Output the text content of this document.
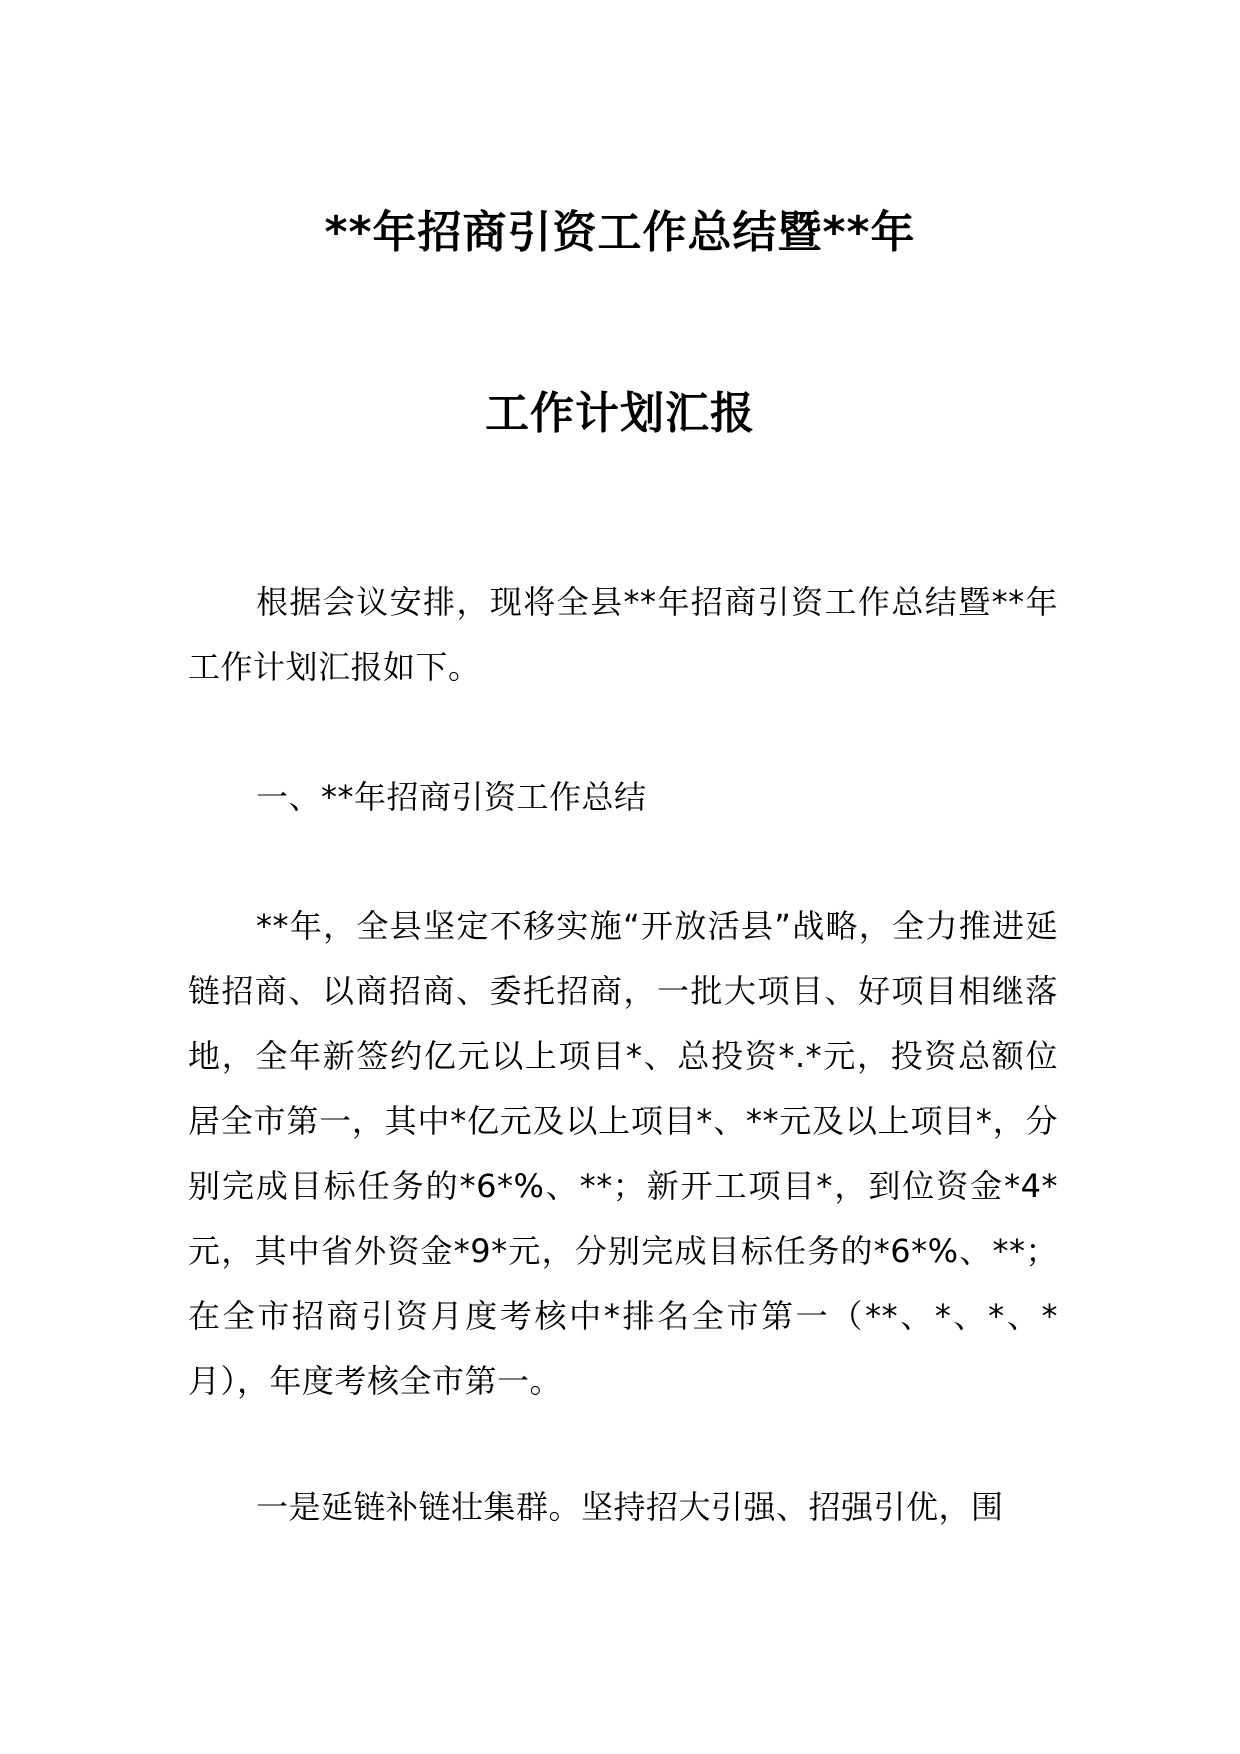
**年招商引资工作总结暨**年
工作计划汇报

根据会议安排，现将全县**年招商引资工作总结暨**年工作计划汇报如下。

一、**年招商引资工作总结

**年，全县坚定不移实施“开放活县”战略，全力推进延链招商、以商招商、委托招商，一批大项目、好项目相继落地，全年新签约亿元以上项目*、总投资*.*元，投资总额位居全市第一，其中*亿元及以上项目*、**元及以上项目*，分别完成目标任务的*6*%、**；新开工项目*，到位资金*4*元，其中省外资金*9*元，分别完成目标任务的*6*%、**；在全市招商引资月度考核中*排名全市第一（**、*、*、*月），年度考核全市第一。

一是延链补链壮集群。坚持招大引强、招强引优，围
